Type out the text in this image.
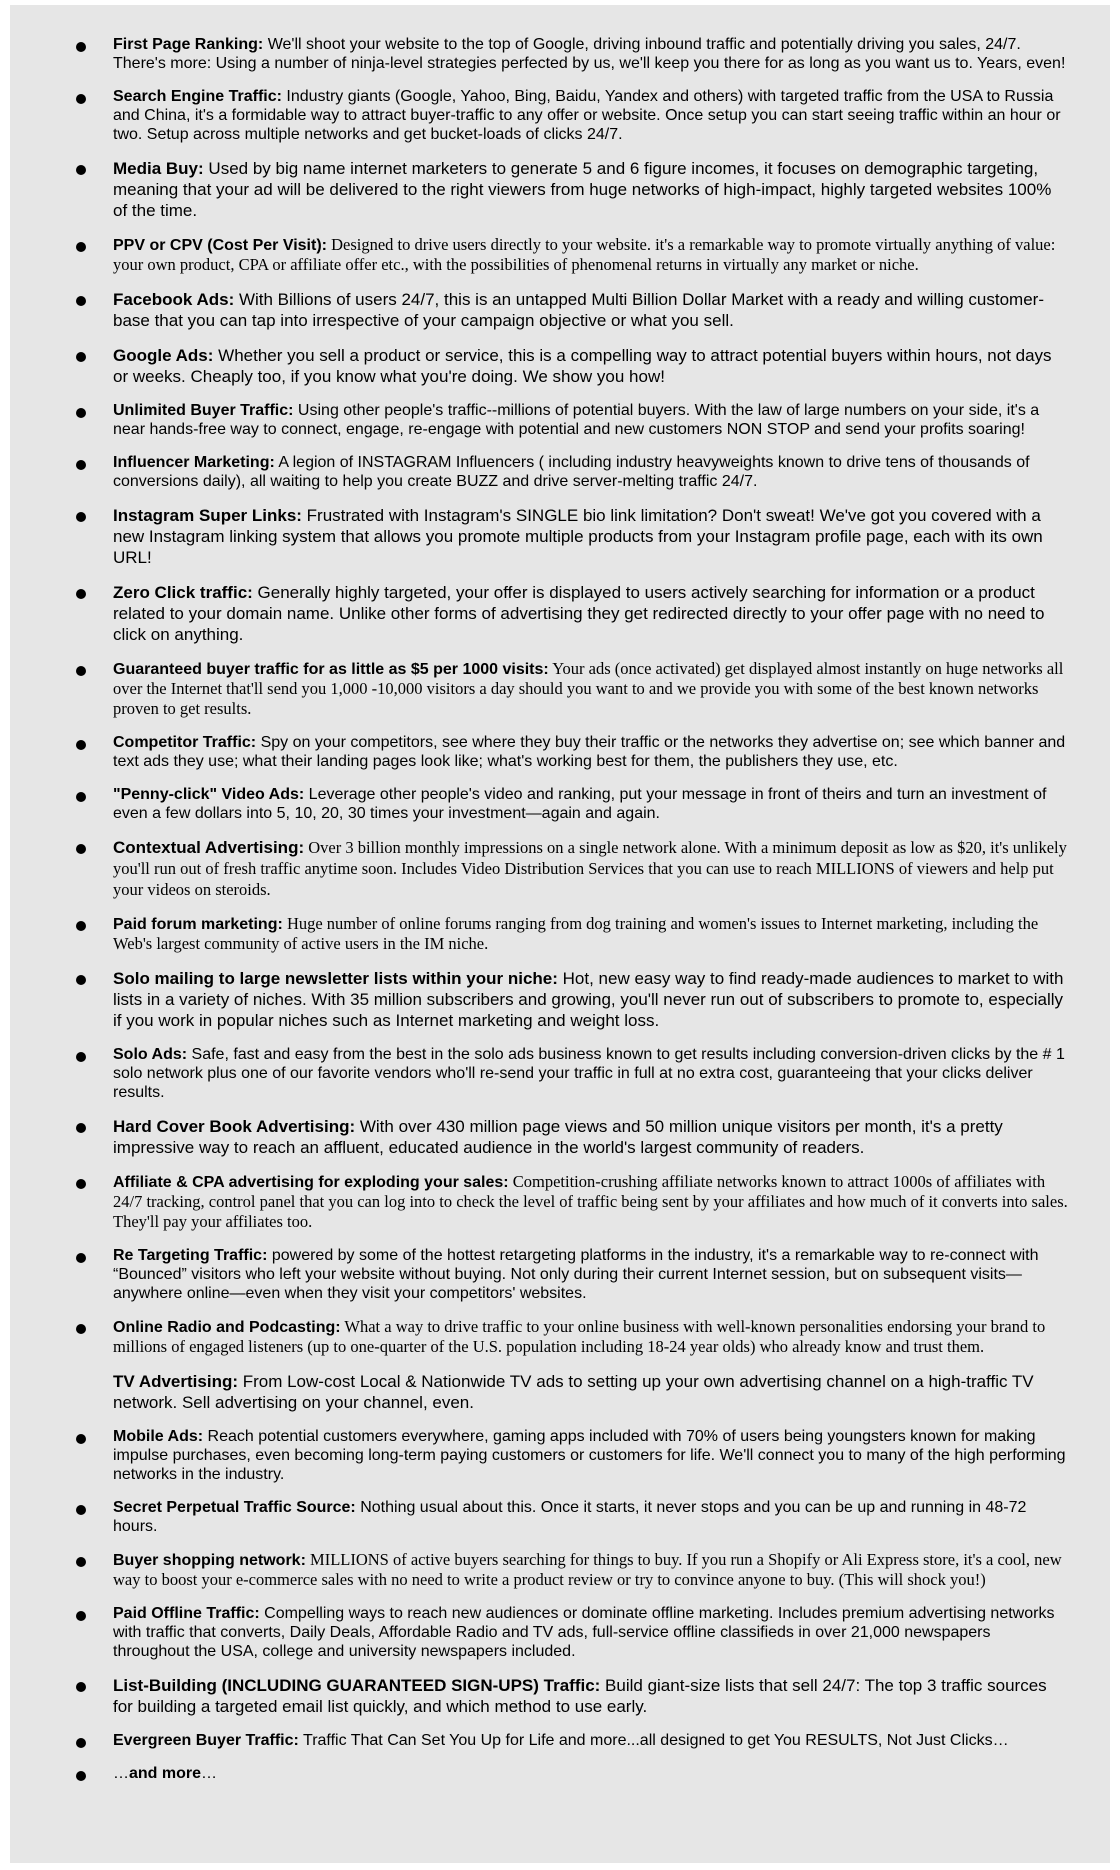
First Page Ranking: We'll shoot your website to the top of Google, driving inbound traffic and potentially driving you sales, 24/7. There's more: Using a number of ninja-level strategies perfected by us, we'll keep you there for as long as you want us to. Years, even!
Search Engine Traffic: Industry giants (Google, Yahoo, Bing, Baidu, Yandex and others) with targeted traffic from the USA to Russia and China, it's a formidable way to attract buyer-traffic to any offer or website. Once setup you can start seeing traffic within an hour or two. Setup across multiple networks and get bucket-loads of clicks 24/7.
Media Buy: Used by big name internet marketers to generate 5 and 6 figure incomes, it focuses on demographic targeting, meaning that your ad will be delivered to the right viewers from huge networks of high-impact, highly targeted websites 100% of the time.
PPV or CPV (Cost Per Visit): Designed to drive users directly to your website. it's a remarkable way to promote virtually anything of value: your own product, CPA or affiliate offer etc., with the possibilities of phenomenal returns in virtually any market or niche.
Facebook Ads: With Billions of users 24/7, this is an untapped Multi Billion Dollar Market with a ready and willing customer-base that you can tap into irrespective of your campaign objective or what you sell.
Google Ads: Whether you sell a product or service, this is a compelling way to attract potential buyers within hours, not days or weeks. Cheaply too, if you know what you're doing. We show you how!
Unlimited Buyer Traffic: Using other people's traffic--millions of potential buyers. With the law of large numbers on your side, it's a near hands-free way to connect, engage, re-engage with potential and new customers NON STOP and send your profits soaring!
Influencer Marketing: A legion of INSTAGRAM Influencers ( including industry heavyweights known to drive tens of thousands of conversions daily), all waiting to help you create BUZZ and drive server-melting traffic 24/7.
Instagram Super Links: Frustrated with Instagram's SINGLE bio link limitation? Don't sweat! We've got you covered with a new Instagram linking system that allows you promote multiple products from your Instagram profile page, each with its own URL!
Zero Click traffic: Generally highly targeted, your offer is displayed to users actively searching for information or a product related to your domain name. Unlike other forms of advertising they get redirected directly to your offer page with no need to click on anything.
Guaranteed buyer traffic for as little as $5 per 1000 visits: Your ads (once activated) get displayed almost instantly on huge networks all over the Internet that'll send you 1,000 -10,000 visitors a day should you want to and we provide you with some of the best known networks proven to get results.
Competitor Traffic: Spy on your competitors, see where they buy their traffic or the networks they advertise on; see which banner and text ads they use; what their landing pages look like; what's working best for them, the publishers they use, etc.
"Penny-click" Video Ads: Leverage other people's video and ranking, put your message in front of theirs and turn an investment of even a few dollars into 5, 10, 20, 30 times your investment—again and again.
Contextual Advertising: Over 3 billion monthly impressions on a single network alone. With a minimum deposit as low as $20, it's unlikely you'll run out of fresh traffic anytime soon. Includes Video Distribution Services that you can use to reach MILLIONS of viewers and help put your videos on steroids.
Paid forum marketing: Huge number of online forums ranging from dog training and women's issues to Internet marketing, including the Web's largest community of active users in the IM niche.
Solo mailing to large newsletter lists within your niche: Hot, new easy way to find ready-made audiences to market to with lists in a variety of niches. With 35 million subscribers and growing, you'll never run out of subscribers to promote to, especially if you work in popular niches such as Internet marketing and weight loss.
Solo Ads: Safe, fast and easy from the best in the solo ads business known to get results including conversion-driven clicks by the # 1 solo network plus one of our favorite vendors who'll re-send your traffic in full at no extra cost, guaranteeing that your clicks deliver results.
Hard Cover Book Advertising: With over 430 million page views and 50 million unique visitors per month, it's a pretty impressive way to reach an affluent, educated audience in the world's largest community of readers.
Affiliate & CPA advertising for exploding your sales: Competition-crushing affiliate networks known to attract 1000s of affiliates with 24/7 tracking, control panel that you can log into to check the level of traffic being sent by your affiliates and how much of it converts into sales. They'll pay your affiliates too.
Re Targeting Traffic: powered by some of the hottest retargeting platforms in the industry, it's a remarkable way to re-connect with “Bounced” visitors who left your website without buying. Not only during their current Internet session, but on subsequent visits—anywhere online—even when they visit your competitors' websites.
Online Radio and Podcasting: What a way to drive traffic to your online business with well-known personalities endorsing your brand to millions of engaged listeners (up to one-quarter of the U.S. population including 18-24 year olds) who already know and trust them.
TV Advertising: From Low-cost Local & Nationwide TV ads to setting up your own advertising channel on a high-traffic TV network. Sell advertising on your channel, even.
Mobile Ads: Reach potential customers everywhere, gaming apps included with 70% of users being youngsters known for making impulse purchases, even becoming long-term paying customers or customers for life. We'll connect you to many of the high performing networks in the industry.
Secret Perpetual Traffic Source: Nothing usual about this. Once it starts, it never stops and you can be up and running in 48-72 hours.
Buyer shopping network: MILLIONS of active buyers searching for things to buy. If you run a Shopify or Ali Express store, it's a cool, new way to boost your e-commerce sales with no need to write a product review or try to convince anyone to buy. (This will shock you!)
Paid Offline Traffic: Compelling ways to reach new audiences or dominate offline marketing. Includes premium advertising networks with traffic that converts, Daily Deals, Affordable Radio and TV ads, full-service offline classifieds in over 21,000 newspapers throughout the USA, college and university newspapers included.
List-Building (INCLUDING GUARANTEED SIGN-UPS) Traffic: Build giant-size lists that sell 24/7: The top 3 traffic sources for building a targeted email list quickly, and which method to use early.
Evergreen Buyer Traffic: Traffic That Can Set You Up for Life and more...all designed to get You RESULTS, Not Just Clicks…
…and more…
